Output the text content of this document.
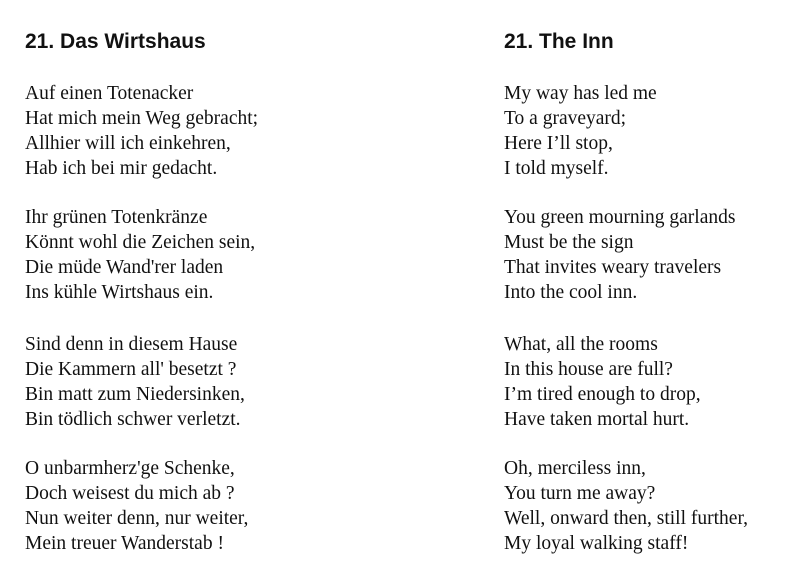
21. Das Wirtshaus

Auf einen Totenacker
Hat mich mein Weg gebracht;
Allhier will ich einkehren,
Hab ich bei mir gedacht.

Ihr grünen Totenkränze
Könnt wohl die Zeichen sein,
Die müde Wand'rer laden
Ins kühle Wirtshaus ein.

Sind denn in diesem Hause
Die Kammern all' besetzt ?
Bin matt zum Niedersinken,
Bin tödlich schwer verletzt.

O unbarmherz'ge Schenke,
Doch weisest du mich ab ?
Nun weiter denn, nur weiter,
Mein treuer Wanderstab !

21. The Inn

My way has led me
To a graveyard;
Here I’ll stop,
I told myself.

You green mourning garlands
Must be the sign
That invites weary travelers
Into the cool inn.

What, all the rooms
In this house are full?
I’m tired enough to drop,
Have taken mortal hurt.

Oh, merciless inn,
You turn me away?
Well, onward then, still further,
My loyal walking staff!
